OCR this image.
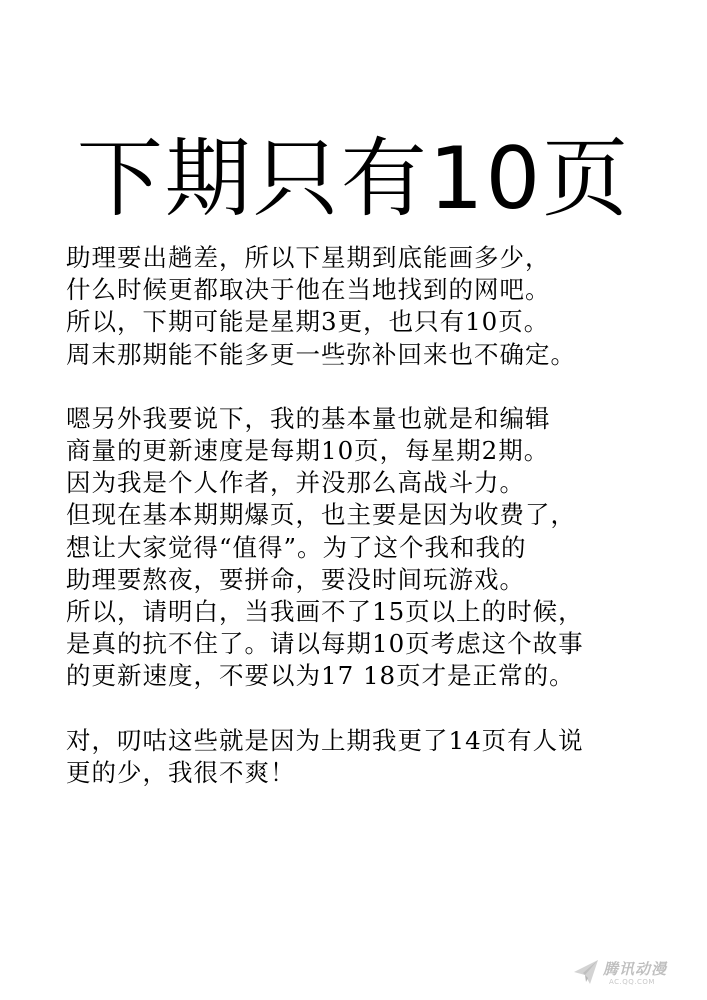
下期只有10页

助理要出趟差，所以下星期到底能画多少，
什么时候更都取决于他在当地找到的网吧。
所以，下期可能是星期3更，也只有10页。
周末那期能不能多更一些弥补回来也不确定。

嗯另外我要说下，我的基本量也就是和编辑
商量的更新速度是每期10页，每星期2期。
因为我是个人作者，并没那么高战斗力。
但现在基本期期爆页，也主要是因为收费了，
想让大家觉得“值得”。为了这个我和我的
助理要熬夜，要拼命，要没时间玩游戏。
所以，请明白，当我画不了15页以上的时候，
是真的抗不住了。请以每期10页考虑这个故事
的更新速度，不要以为17 18页才是正常的。

对，叨咕这些就是因为上期我更了14页有人说
更的少，我很不爽！

腾讯动漫
AC.QQ.COM
